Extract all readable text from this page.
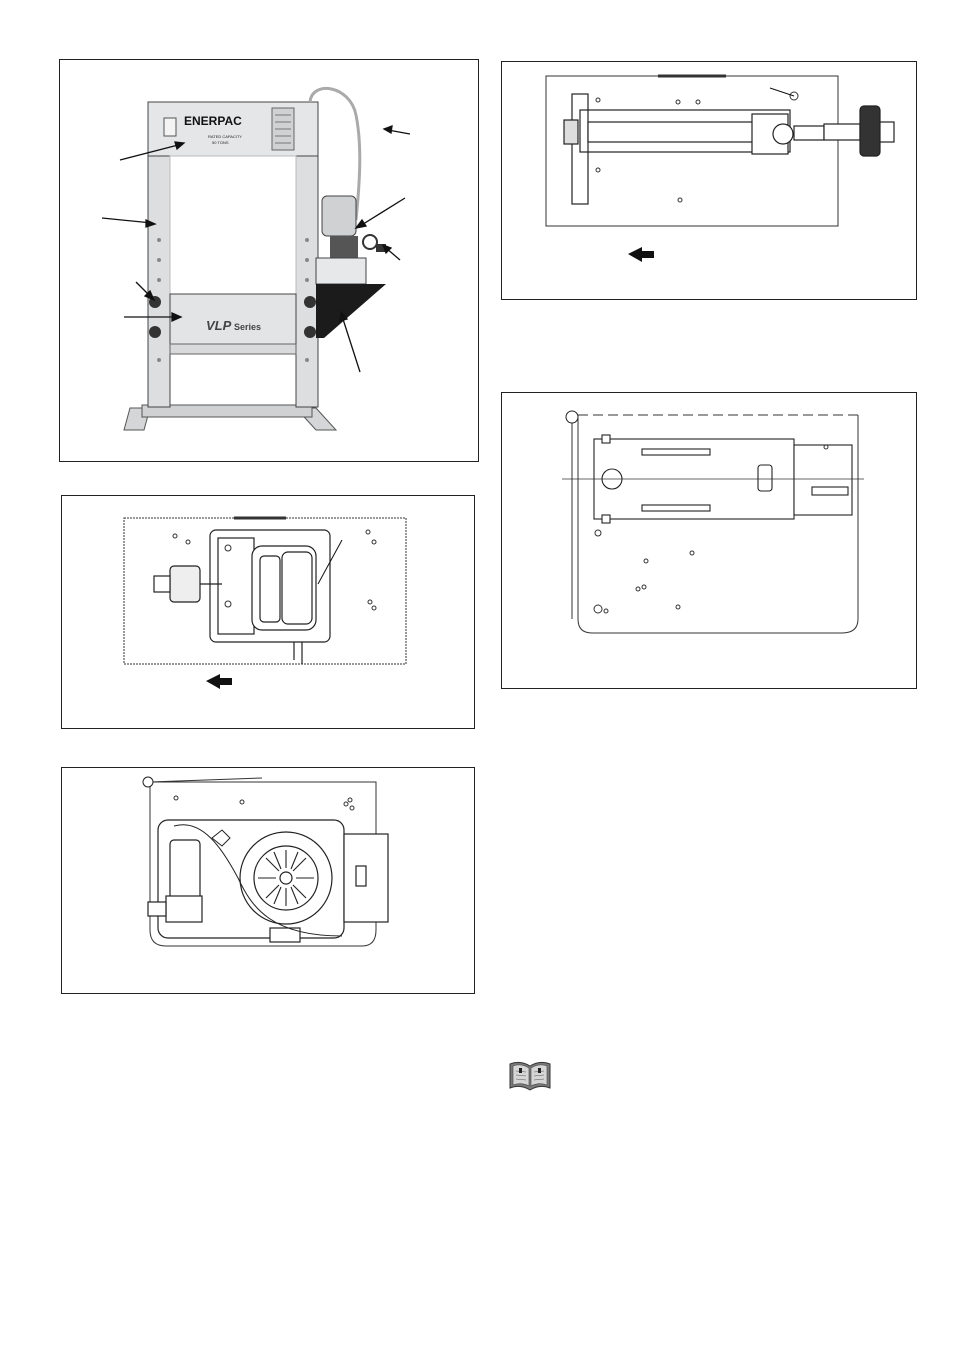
ENERPAC
RATED CAPACITY
50 TONS
VLP Series
